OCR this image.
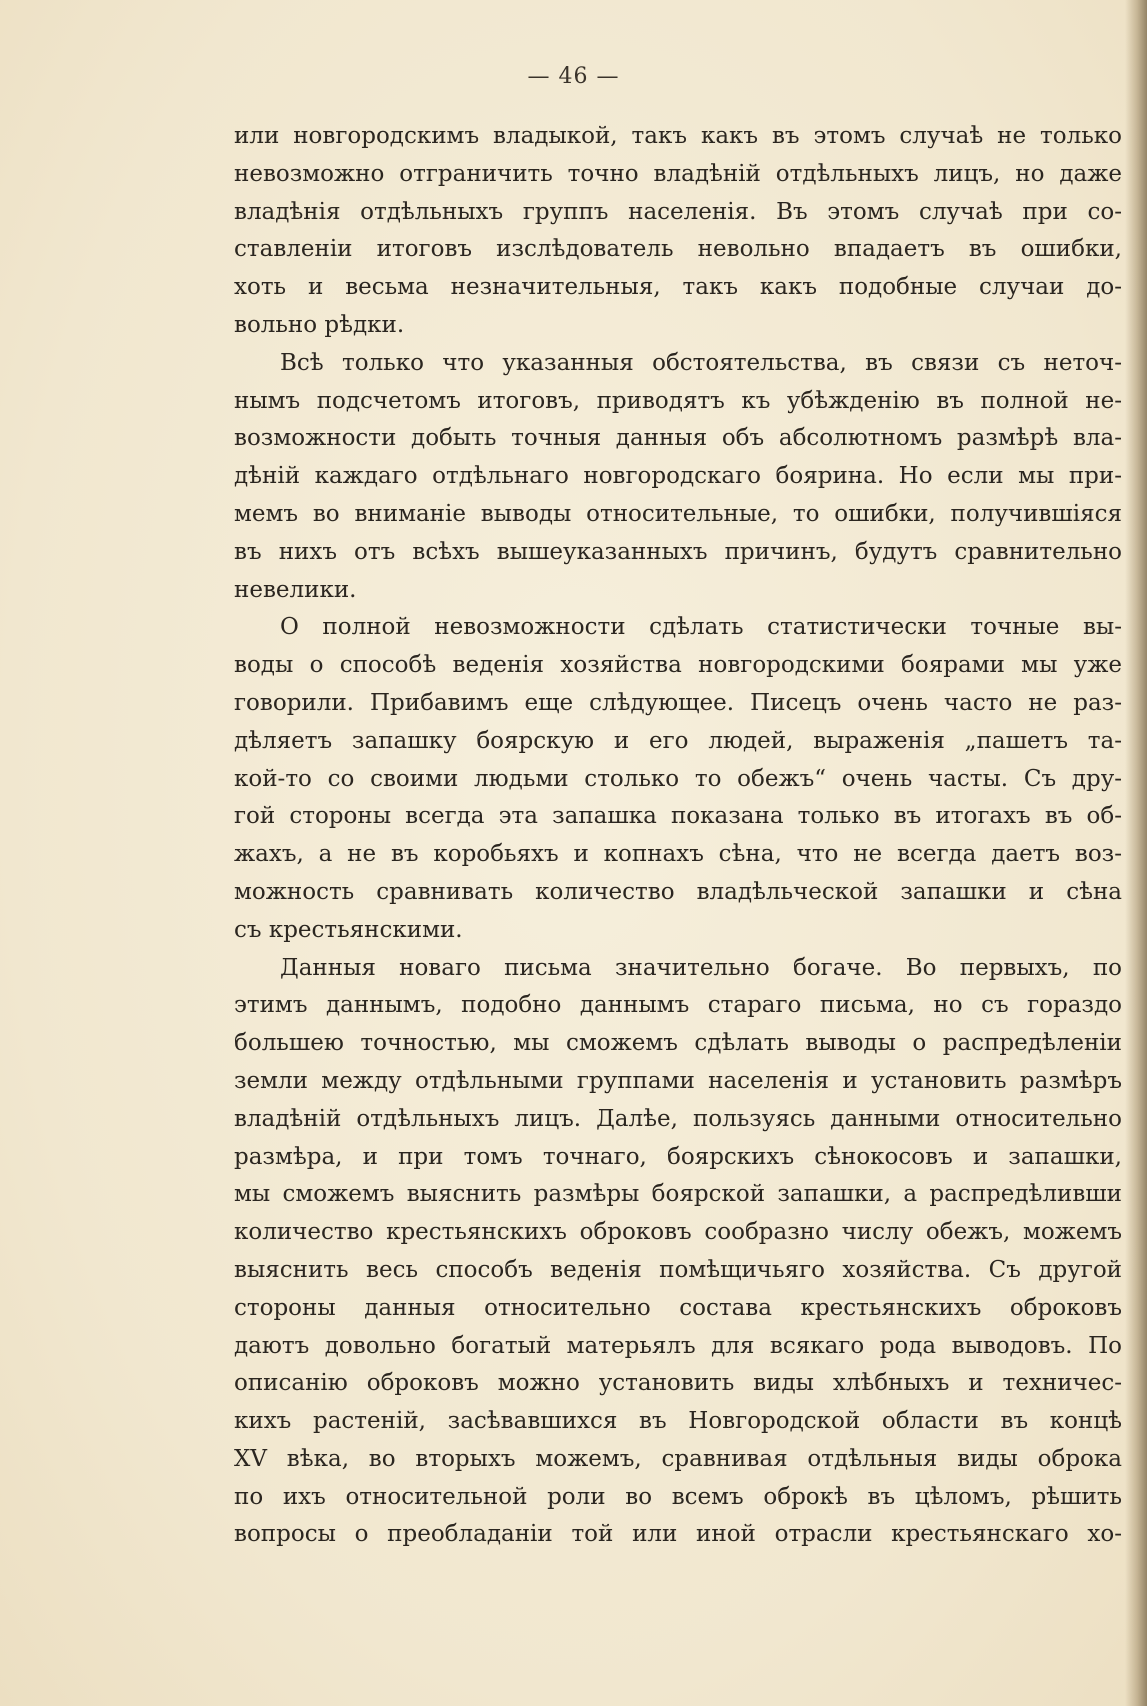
— 46 —
или новгородскимъ владыкой, такъ какъ въ этомъ случаѣ не только
невозможно отграничить точно владѣній отдѣльныхъ лицъ, но даже
владѣнія отдѣльныхъ группъ населенія. Въ этомъ случаѣ при со-
ставленіи итоговъ изслѣдователь невольно впадаетъ въ ошибки,
хоть и весьма незначительныя, такъ какъ подобные случаи до-
вольно рѣдки.
Всѣ только что указанныя обстоятельства, въ связи съ неточ-
нымъ подсчетомъ итоговъ, приводятъ къ убѣжденію въ полной не-
возможности добыть точныя данныя объ абсолютномъ размѣрѣ вла-
дѣній каждаго отдѣльнаго новгородскаго боярина. Но если мы при-
мемъ во вниманіе выводы относительные, то ошибки, получившіяся
въ нихъ отъ всѣхъ вышеуказанныхъ причинъ, будутъ сравнительно
невелики.
О полной невозможности сдѣлать статистически точные вы-
воды о способѣ веденія хозяйства новгородскими боярами мы уже
говорили. Прибавимъ еще слѣдующее. Писецъ очень часто не раз-
дѣляетъ запашку боярскую и его людей, выраженія „пашетъ та-
кой-то со своими людьми столько то обежъ“ очень часты. Съ дру-
гой стороны всегда эта запашка показана только въ итогахъ въ об-
жахъ, а не въ коробьяхъ и копнахъ сѣна, что не всегда даетъ воз-
можность сравнивать количество владѣльческой запашки и сѣна
съ крестьянскими.
Данныя новаго письма значительно богаче. Во первыхъ, по
этимъ даннымъ, подобно даннымъ стараго письма, но съ гораздо
большею точностью, мы сможемъ сдѣлать выводы о распредѣленіи
земли между отдѣльными группами населенія и установить размѣръ
владѣній отдѣльныхъ лицъ. Далѣе, пользуясь данными относительно
размѣра, и при томъ точнаго, боярскихъ сѣнокосовъ и запашки,
мы сможемъ выяснить размѣры боярской запашки, а распредѣливши
количество крестьянскихъ оброковъ сообразно числу обежъ, можемъ
выяснить весь способъ веденія помѣщичьяго хозяйства. Съ другой
стороны данныя относительно состава крестьянскихъ оброковъ
даютъ довольно богатый матерьялъ для всякаго рода выводовъ. По
описанію оброковъ можно установить виды хлѣбныхъ и техничес-
кихъ растеній, засѣвавшихся въ Новгородской области въ концѣ
XV вѣка, во вторыхъ можемъ, сравнивая отдѣльныя виды оброка
по ихъ относительной роли во всемъ оброкѣ въ цѣломъ, рѣшить
вопросы о преобладаніи той или иной отрасли крестьянскаго хо-
